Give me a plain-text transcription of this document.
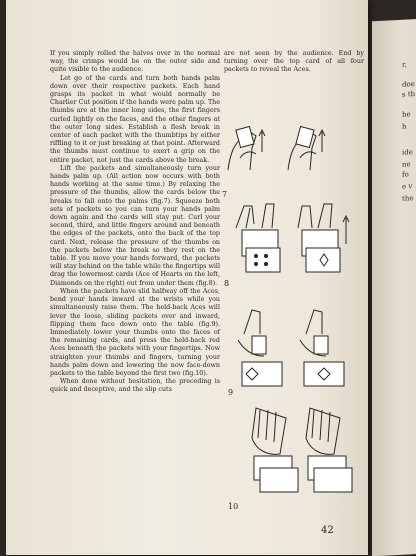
If you simply rolled the halves over in the normal way, the crimps would be on the outer side and quite visible to the audience.

Let go of the cards and turn both hands palm down over their respective packets. Each hand grasps its packet in what would normally be Charlier Cut position if the hands were palm up. The thumbs are at the inner long sides, the first fingers curled lightly on the faces, and the other fingers at the outer long sides. Establish a flesh break in center of each packet with the thumbtips by either riffling to it or just breaking at that point. Afterward the thumbs must continue to exert a grip on the entire packet, not just the cards above the break.

Lift the packets and simultaneously turn your hands palm up. (All action now occurs with both hands working at the same time.) By relaxing the pressure of the thumbs, allow the cards below the breaks to fall onto the palms (fig.7). Squeeze both sets of packets so you can turn your hands palm down again and the cards will stay put. Curl your second, third, and little fingers around and beneath the edges of the packets, onto the back of the top card. Next, release the pressure of the thumbs on the packets below the break so they rest on the table. If you move your hands forward, the packets will stay behind on the table while the fingertips will drag the lowermost cards (Ace of Hearts on the left, Diamonds on the right) out from under them (fig.8).

When the packets have slid halfway off the Aces, bend your hands inward at the wrists while you simultaneously raise them. The held-back Aces will lever the loose, sliding packets over and inward, flipping them face down onto the table (fig.9). Immediately lower your thumbs onto the faces of the remaining cards, and press the held-back red Aces beneath the packets with your fingertips. Now straighten your thumbs and fingers, turning your hands palm down and lowering the now face-down packets to the table beyond the first two (fig.10).

When done without hesitation, the preceding is quick and deceptive, and the slip cuts

are not seen by the audience. End by turning over the top card of all four packets to reveal the Aces.
7
8
9
10
42
r,
doe
s th
he
h
ide
ne
fo
e v
the
